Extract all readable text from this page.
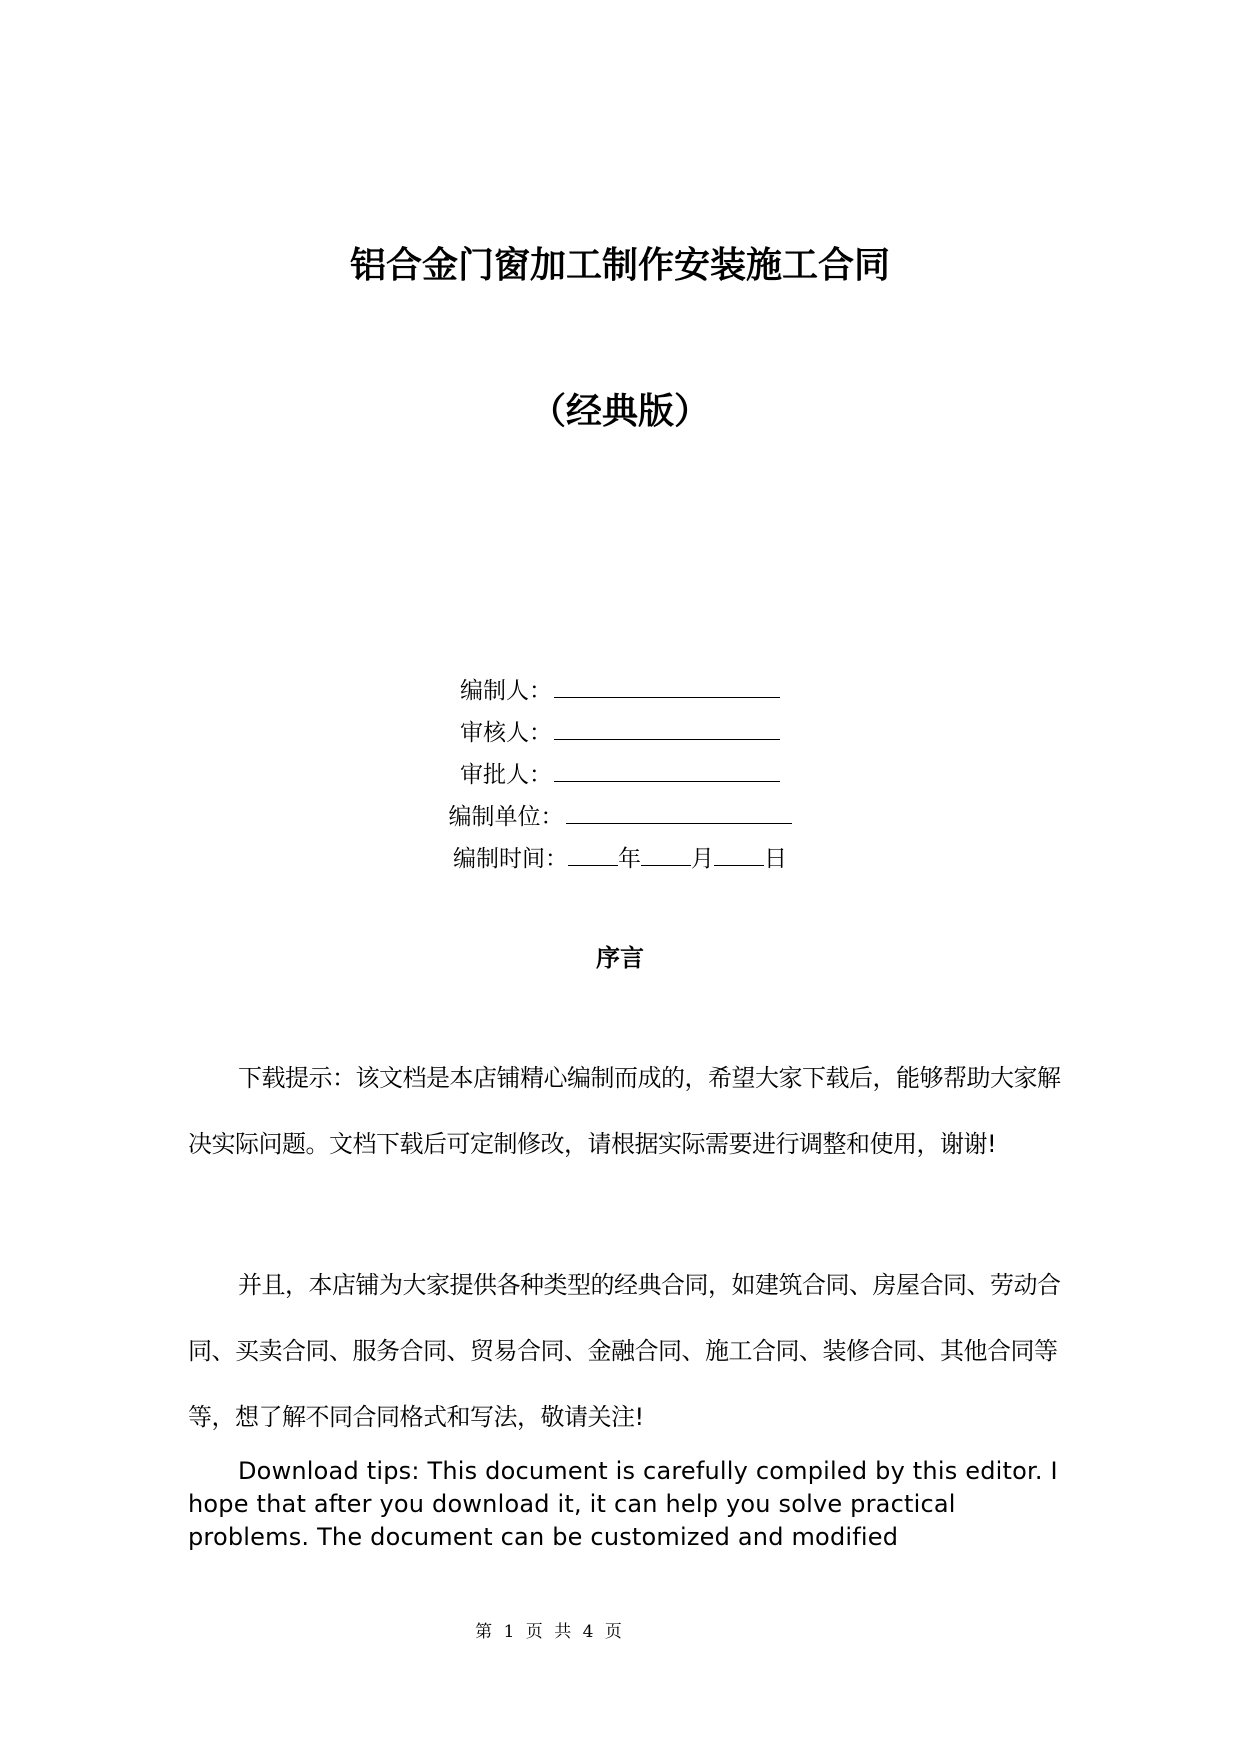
铝合金门窗加工制作安装施工合同
（经典版）
编制人：
审核人：
审批人：
编制单位：
编制时间： 年 月 日
序言
下载提示：该文档是本店铺精心编制而成的，希望大家下载后，能够帮助大家解决实际问题。文档下载后可定制修改，请根据实际需要进行调整和使用，谢谢!
并且，本店铺为大家提供各种类型的经典合同，如建筑合同、房屋合同、劳动合同、买卖合同、服务合同、贸易合同、金融合同、施工合同、装修合同、其他合同等等，想了解不同合同格式和写法，敬请关注!
Download tips: This document is carefully compiled by this editor. I hope that after you download it, it can help you solve practical problems. The document can be customized and modified
第 1 页 共 4 页
